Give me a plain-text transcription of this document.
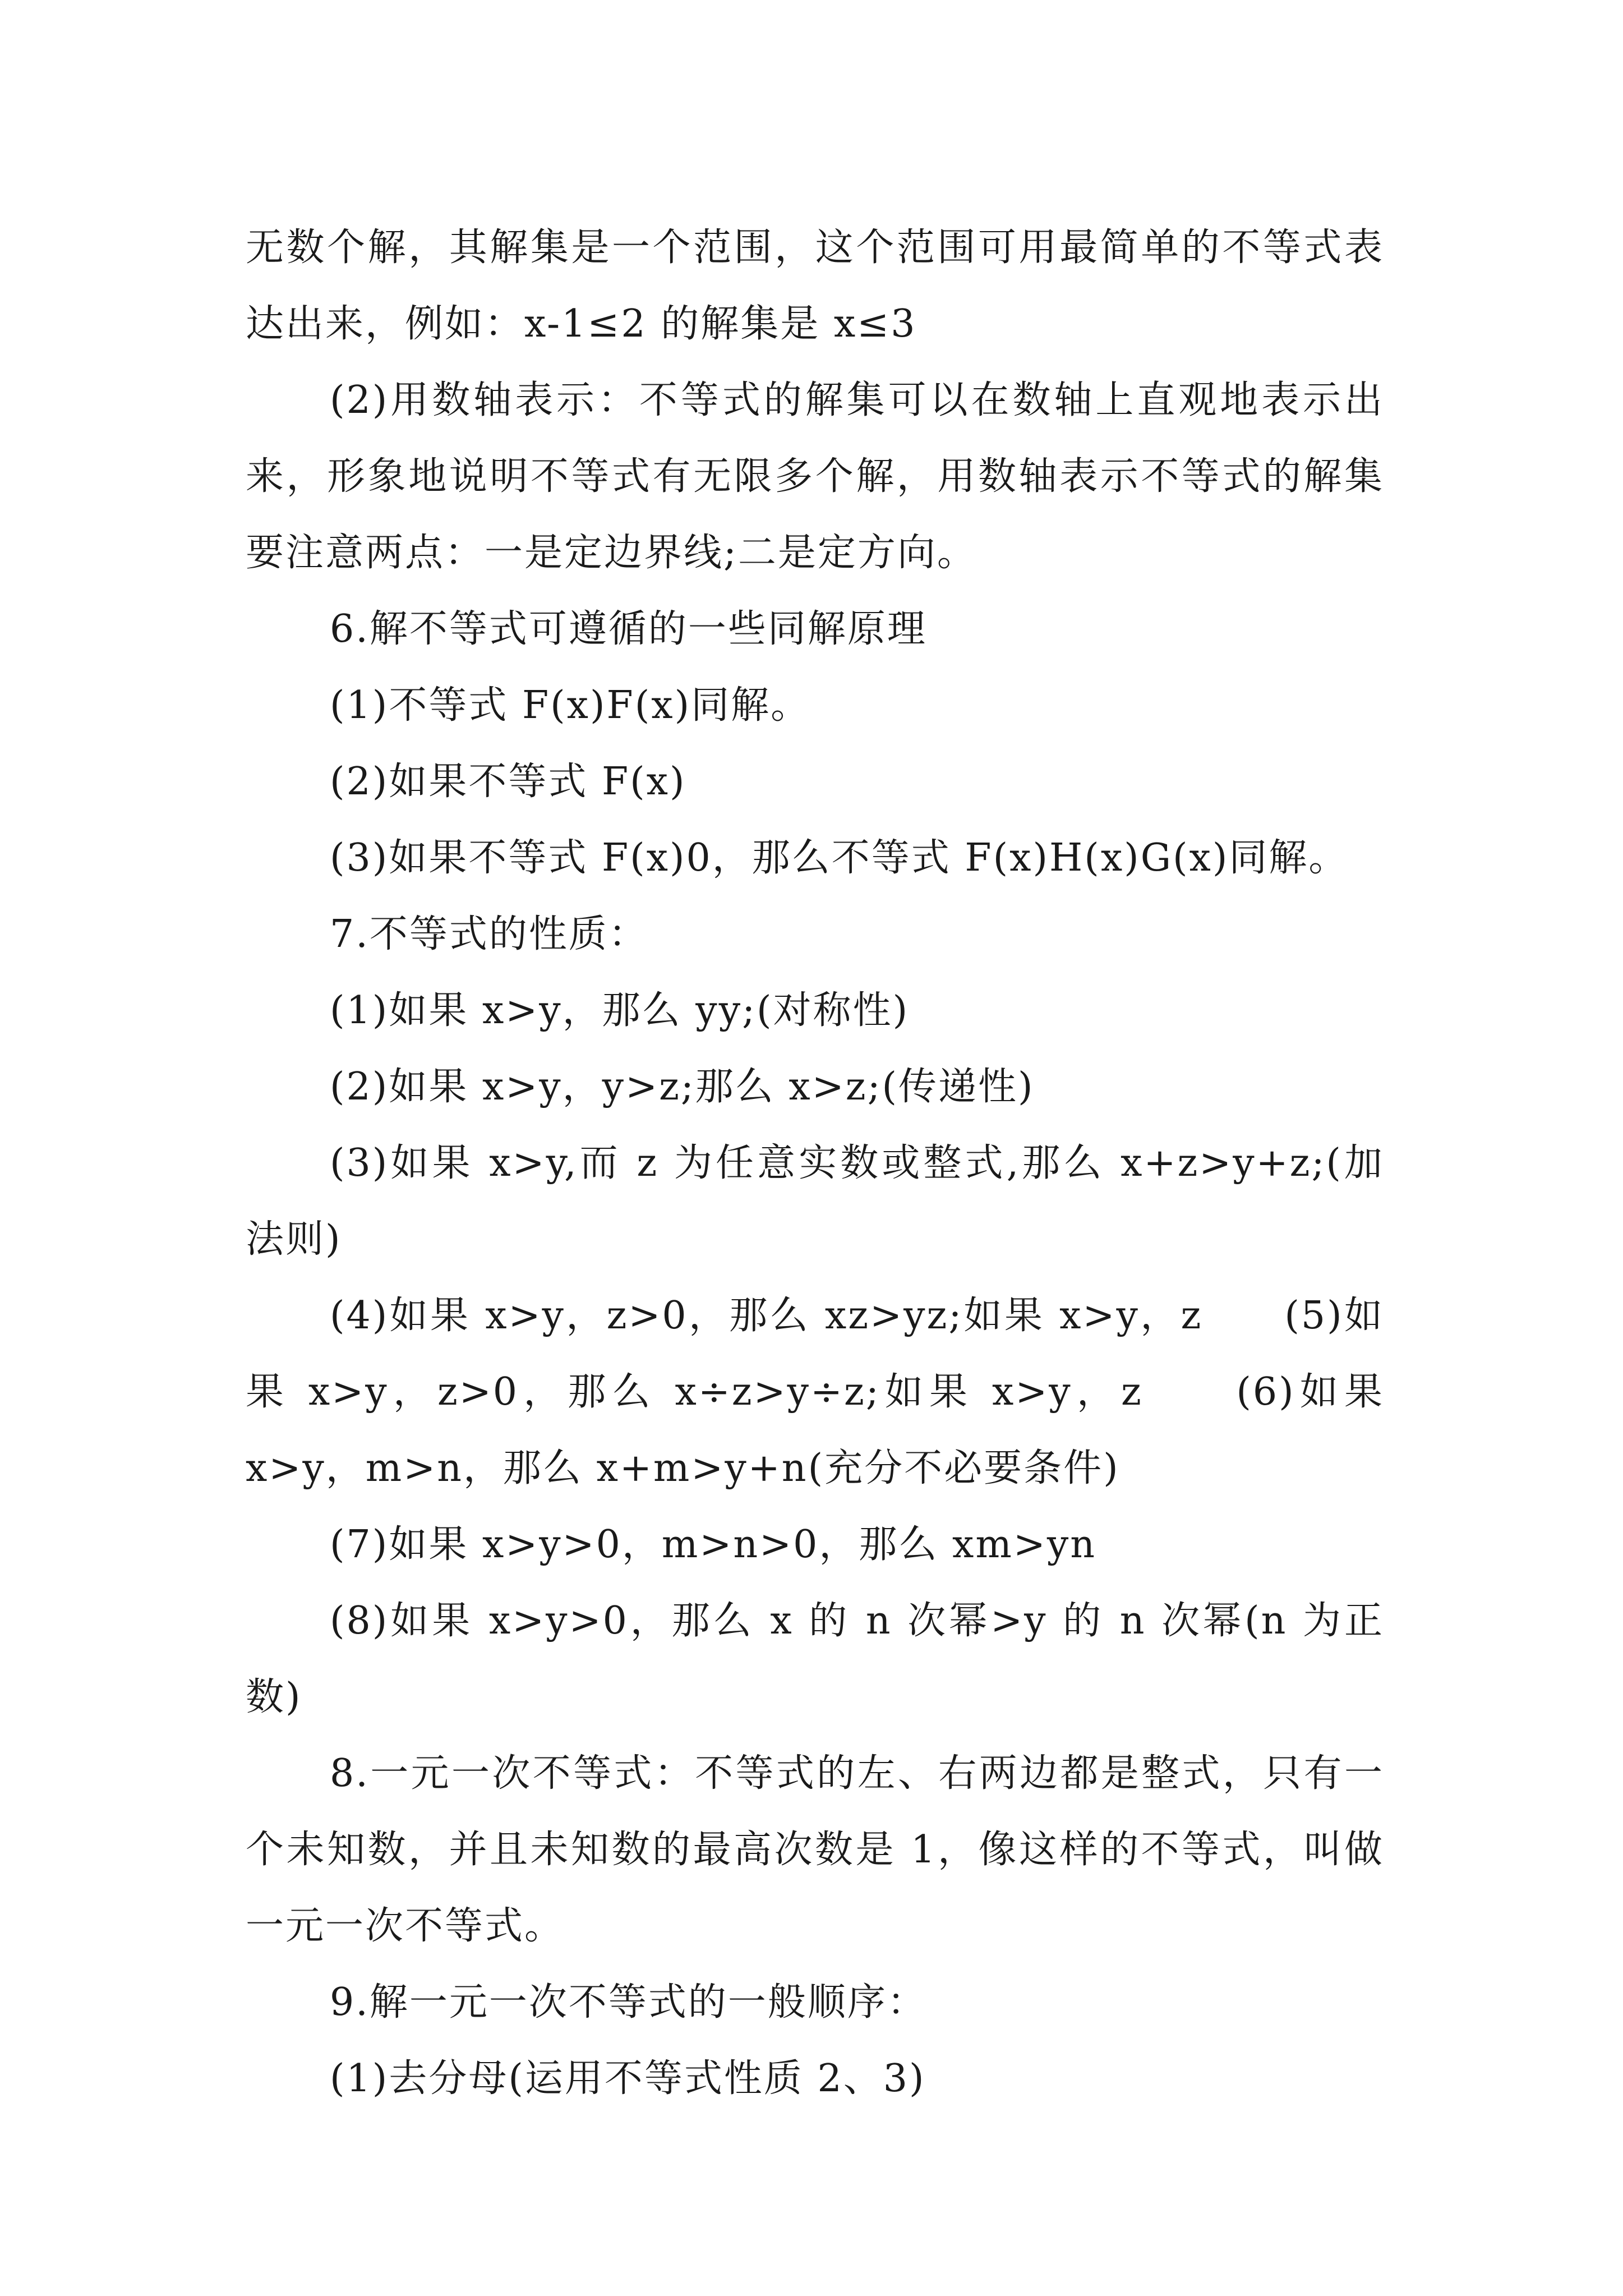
无数个解，其解集是一个范围，这个范围可用最简单的不等式表达出来，例如：x-1≤2 的解集是 x≤3

(2)用数轴表示：不等式的解集可以在数轴上直观地表示出来，形象地说明不等式有无限多个解，用数轴表示不等式的解集要注意两点：一是定边界线;二是定方向。

6.解不等式可遵循的一些同解原理

(1)不等式 F(x)F(x)同解。

(2)如果不等式 F(x)

(3)如果不等式 F(x)0，那么不等式 F(x)H(x)G(x)同解。

7.不等式的性质：

(1)如果 x>y，那么 yy;(对称性)

(2)如果 x>y，y>z;那么 x>z;(传递性)

(3)如果 x>y,而 z 为任意实数或整式,那么 x+z>y+z;(加法则)

(4)如果 x>y，z>0，那么 xz>yz;如果 x>y，z　　(5)如果 x>y，z>0，那么 x÷z>y÷z;如果 x>y，z　　(6)如果 x>y，m>n，那么 x+m>y+n(充分不必要条件)

(7)如果 x>y>0，m>n>0，那么 xm>yn

(8)如果 x>y>0，那么 x 的 n 次幂>y 的 n 次幂(n 为正数)

8.一元一次不等式：不等式的左、右两边都是整式，只有一个未知数，并且未知数的最高次数是 1，像这样的不等式，叫做一元一次不等式。

9.解一元一次不等式的一般顺序：

(1)去分母(运用不等式性质 2、3)
